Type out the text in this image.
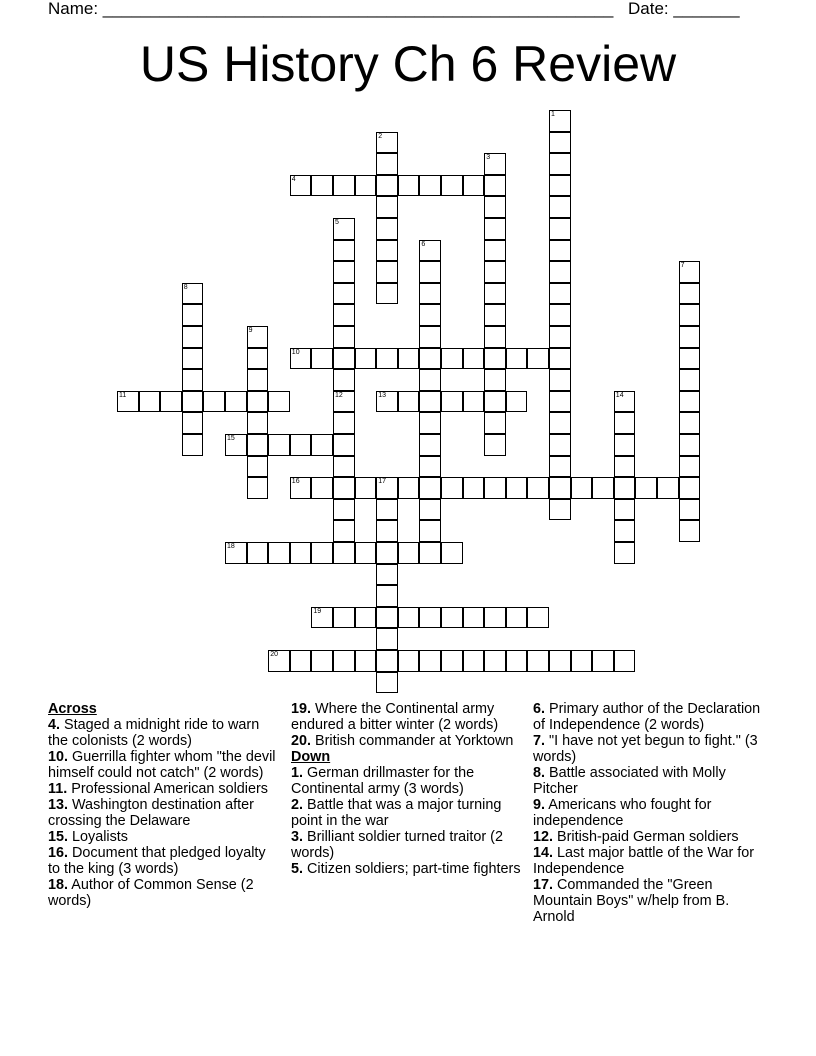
Name: ______________________________________________________ Date: _______
US History Ch 6 Review
1
2
3
4
5
12
6
7
8
9
10
11	13	14
15
16	17
18
19
20
Across
4. Staged a midnight ride to warn the colonists (2 words)
10. Guerrilla fighter whom "the devil himself could not catch" (2 words)
11. Professional American soldiers
13. Washington destination after crossing the Delaware
15. Loyalists
16. Document that pledged loyalty to the king (3 words)
18. Author of Common Sense (2 words)
19. Where the Continental army endured a bitter winter (2 words)
20. British commander at Yorktown
Down
1. German drillmaster for the Continental army (3 words)
2. Battle that was a major turning point in the war
3. Brilliant soldier turned traitor (2 words)
5. Citizen soldiers; part-time fighters
6. Primary author of the Declaration of Independence (2 words)
7. "I have not yet begun to fight." (3 words)
8. Battle associated with Molly Pitcher
9. Americans who fought for independence
12. British-paid German soldiers
14. Last major battle of the War for Independence
17. Commanded the "Green Mountain Boys" w/help from B. Arnold
